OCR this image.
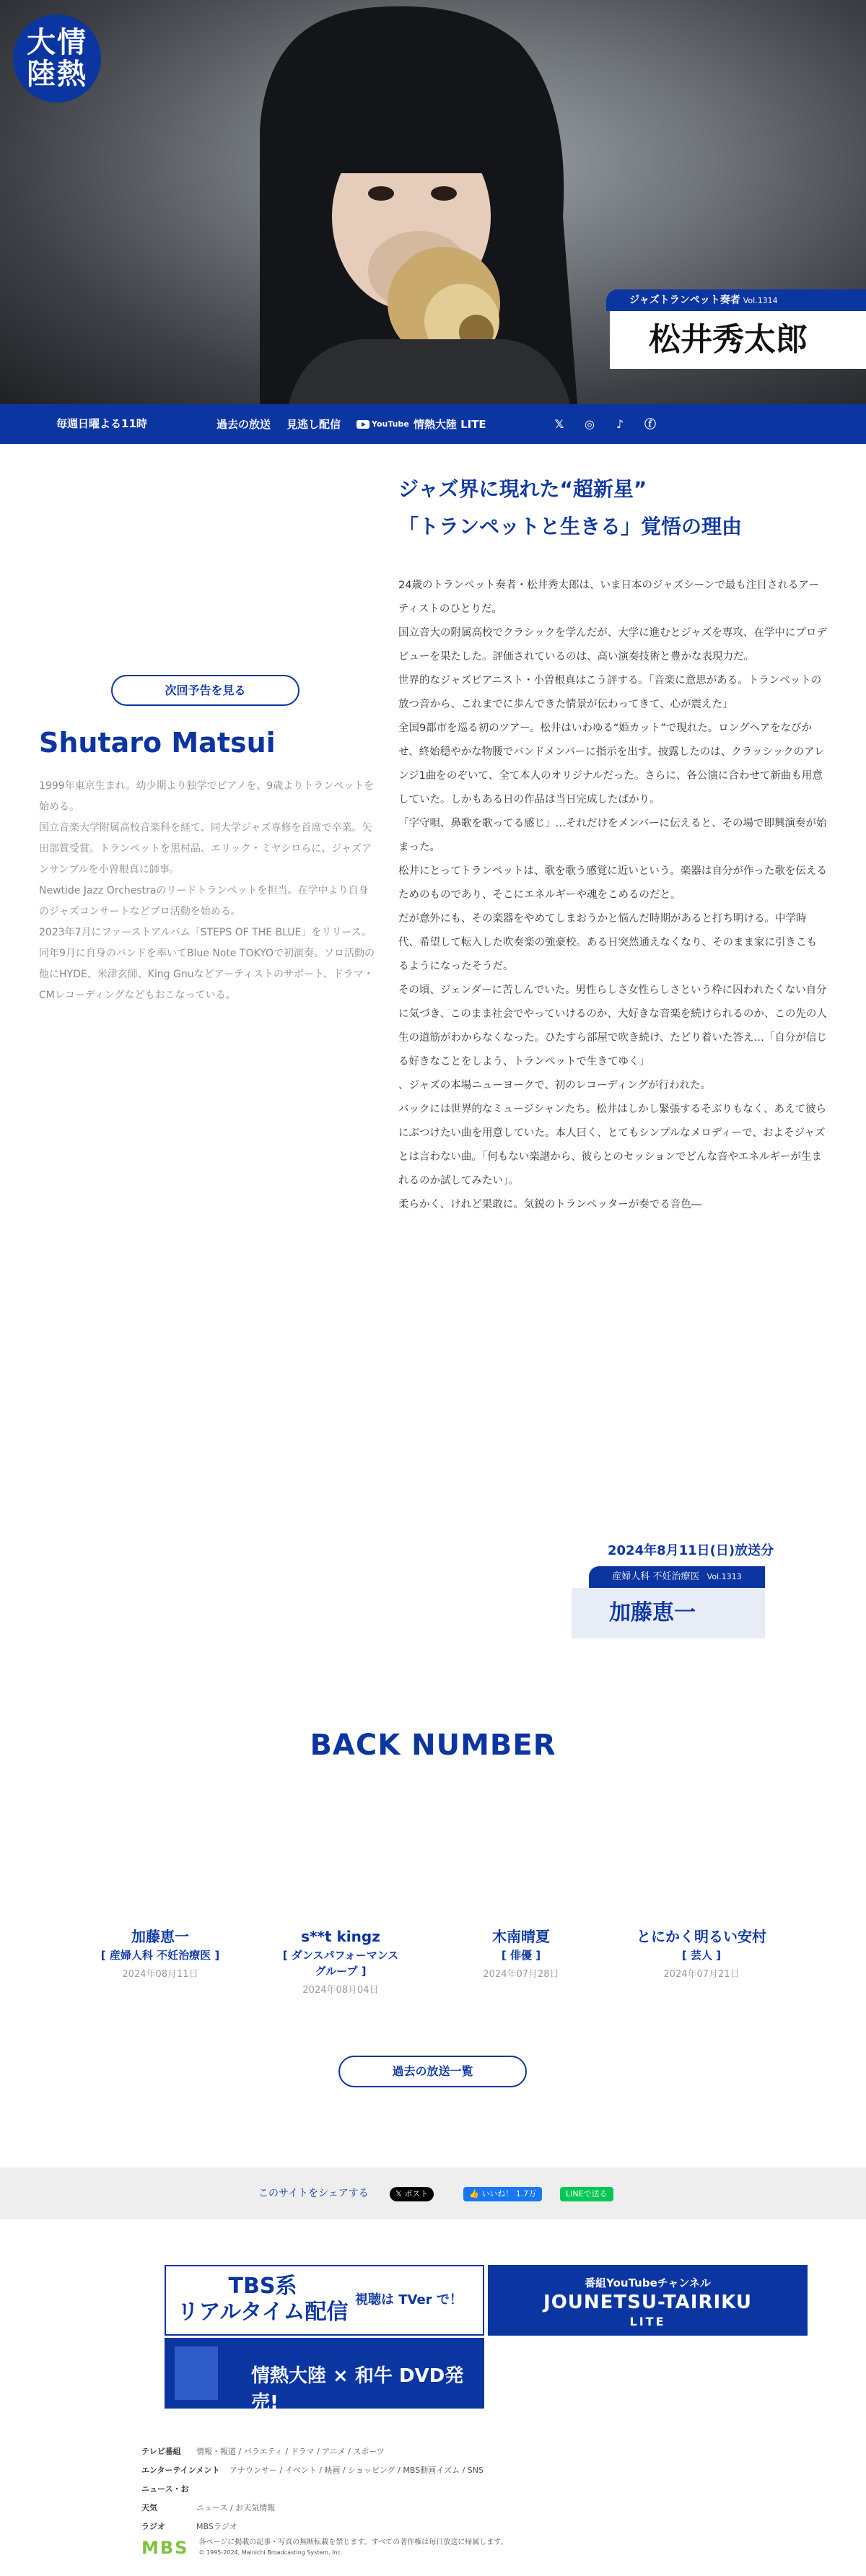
大情
陸熱
ジャズトランペット奏者 Vol.1314
松井秀太郎
毎週日曜よる11時	過去の放送 見逃し配信	YouTube 情熱大陸 LITE	𝕏 ◎	♪	ⓕ
次回予告を見る
Shutaro Matsui

1999年東京生まれ。幼少期より独学でピアノを、9歳よりトランペットを始める。

国立音楽大学附属高校音楽科を経て、同大学ジャズ専修を首席で卒業。矢田部賞受賞。トランペットを黒村晶、エリック・ミヤシロらに、ジャズアンサンブルを小曽根真に師事。

Newtide Jazz Orchestraのリードトランペットを担当。在学中より自身のジャズコンサートなどプロ活動を始める。

2023年7月にファーストアルバム「STEPS OF THE BLUE」をリリース。

同年9月に自身のバンドを率いてBlue Note TOKYOで初演奏。ソロ活動の他にHYDE、米津玄師、King Gnuなどアーティストのサポート、ドラマ・CMレコーディングなどもおこなっている。

ジャズ界に現れた“超新星”
「トランペットと生きる」覚悟の理由

24歳のトランペット奏者・松井秀太郎は、いま日本のジャズシーンで最も注目されるアーティストのひとりだ。

国立音大の附属高校でクラシックを学んだが、大学に進むとジャズを専攻、在学中にプロデビューを果たした。評価されているのは、高い演奏技術と豊かな表現力だ。

世界的なジャズピアニスト・小曽根真はこう評する。「音楽に意思がある。トランペットの放つ音から、これまでに歩んできた情景が伝わってきて、心が震えた」

全国9都市を巡る初のツアー。松井はいわゆる“姫カット”で現れた。ロングヘアをなびかせ、終始穏やかな物腰でバンドメンバーに指示を出す。披露したのは、クラッシックのアレンジ1曲をのぞいて、全て本人のオリジナルだった。さらに、各公演に合わせて新曲も用意していた。しかもある日の作品は当日完成したばかり。

「字守唄、鼻歌を歌ってる感じ」…それだけをメンバーに伝えると、その場で即興演奏が始まった。

松井にとってトランペットは、歌を歌う感覚に近いという。楽器は自分が作った歌を伝えるためのものであり、そこにエネルギーや魂をこめるのだと。

だが意外にも、その楽器をやめてしまおうかと悩んだ時期があると打ち明ける。中学時代、希望して転入した吹奏楽の強豪校。ある日突然通えなくなり、そのまま家に引きこもるようになったそうだ。

その頃、ジェンダーに苦しんでいた。男性らしさ女性らしさという枠に囚われたくない自分に気づき、このまま社会でやっていけるのか、大好きな音楽を続けられるのか、この先の人生の道筋がわからなくなった。ひたすら部屋で吹き続け、たどり着いた答え…「自分が信じる好きなことをしよう、トランペットで生きてゆく」

、ジャズの本場ニューヨークで、初のレコーディングが行われた。

バックには世界的なミュージシャンたち。松井はしかし緊張するそぶりもなく、あえて彼らにぶつけたい曲を用意していた。本人曰く、とてもシンプルなメロディーで、およそジャズとは言わない曲。「何もない楽譜から、彼らとのセッションでどんな音やエネルギーが生まれるのか試してみたい」。

柔らかく、けれど果敢に。気鋭のトランペッターが奏でる音色―

2024年8月11日(日)放送分
産婦人科 不妊治療医 Vol.1313
加藤恵一
BACK NUMBER
加藤恵一
[ 産婦人科 不妊治療医 ]
2024年08月11日
s**t kingz
[ ダンスパフォーマンスグループ ]
2024年08月04日
木南晴夏
[ 俳優 ]
2024年07月28日
とにかく明るい安村
[ 芸人 ]
2024年07月21日
過去の放送一覧
このサイトをシェアする	𝕏 ポスト	👍 いいね！ 1.7万	LINEで送る
TBS系
リアルタイム配信 視聴は TVer で！
番組YouTubeチャンネル
JOUNETSU-TAIRIKU
LITE
情熱大陸 × 和牛 DVD発売!
テレビ番組 情報・報道 / バラエティ / ドラマ / アニメ / スポーツ
エンターテインメント アナウンサー / イベント / 映画 / ショッピング / MBS動画イズム / SNS
ニュース・お天気	ニュース / お天気情報
ラジオ	MBSラジオ
MBS 各ページに掲載の記事・写真の無断転載を禁じます。すべての著作権は毎日放送に帰属します。
© 1995-2024, Mainichi Broadcasting System, Inc.
